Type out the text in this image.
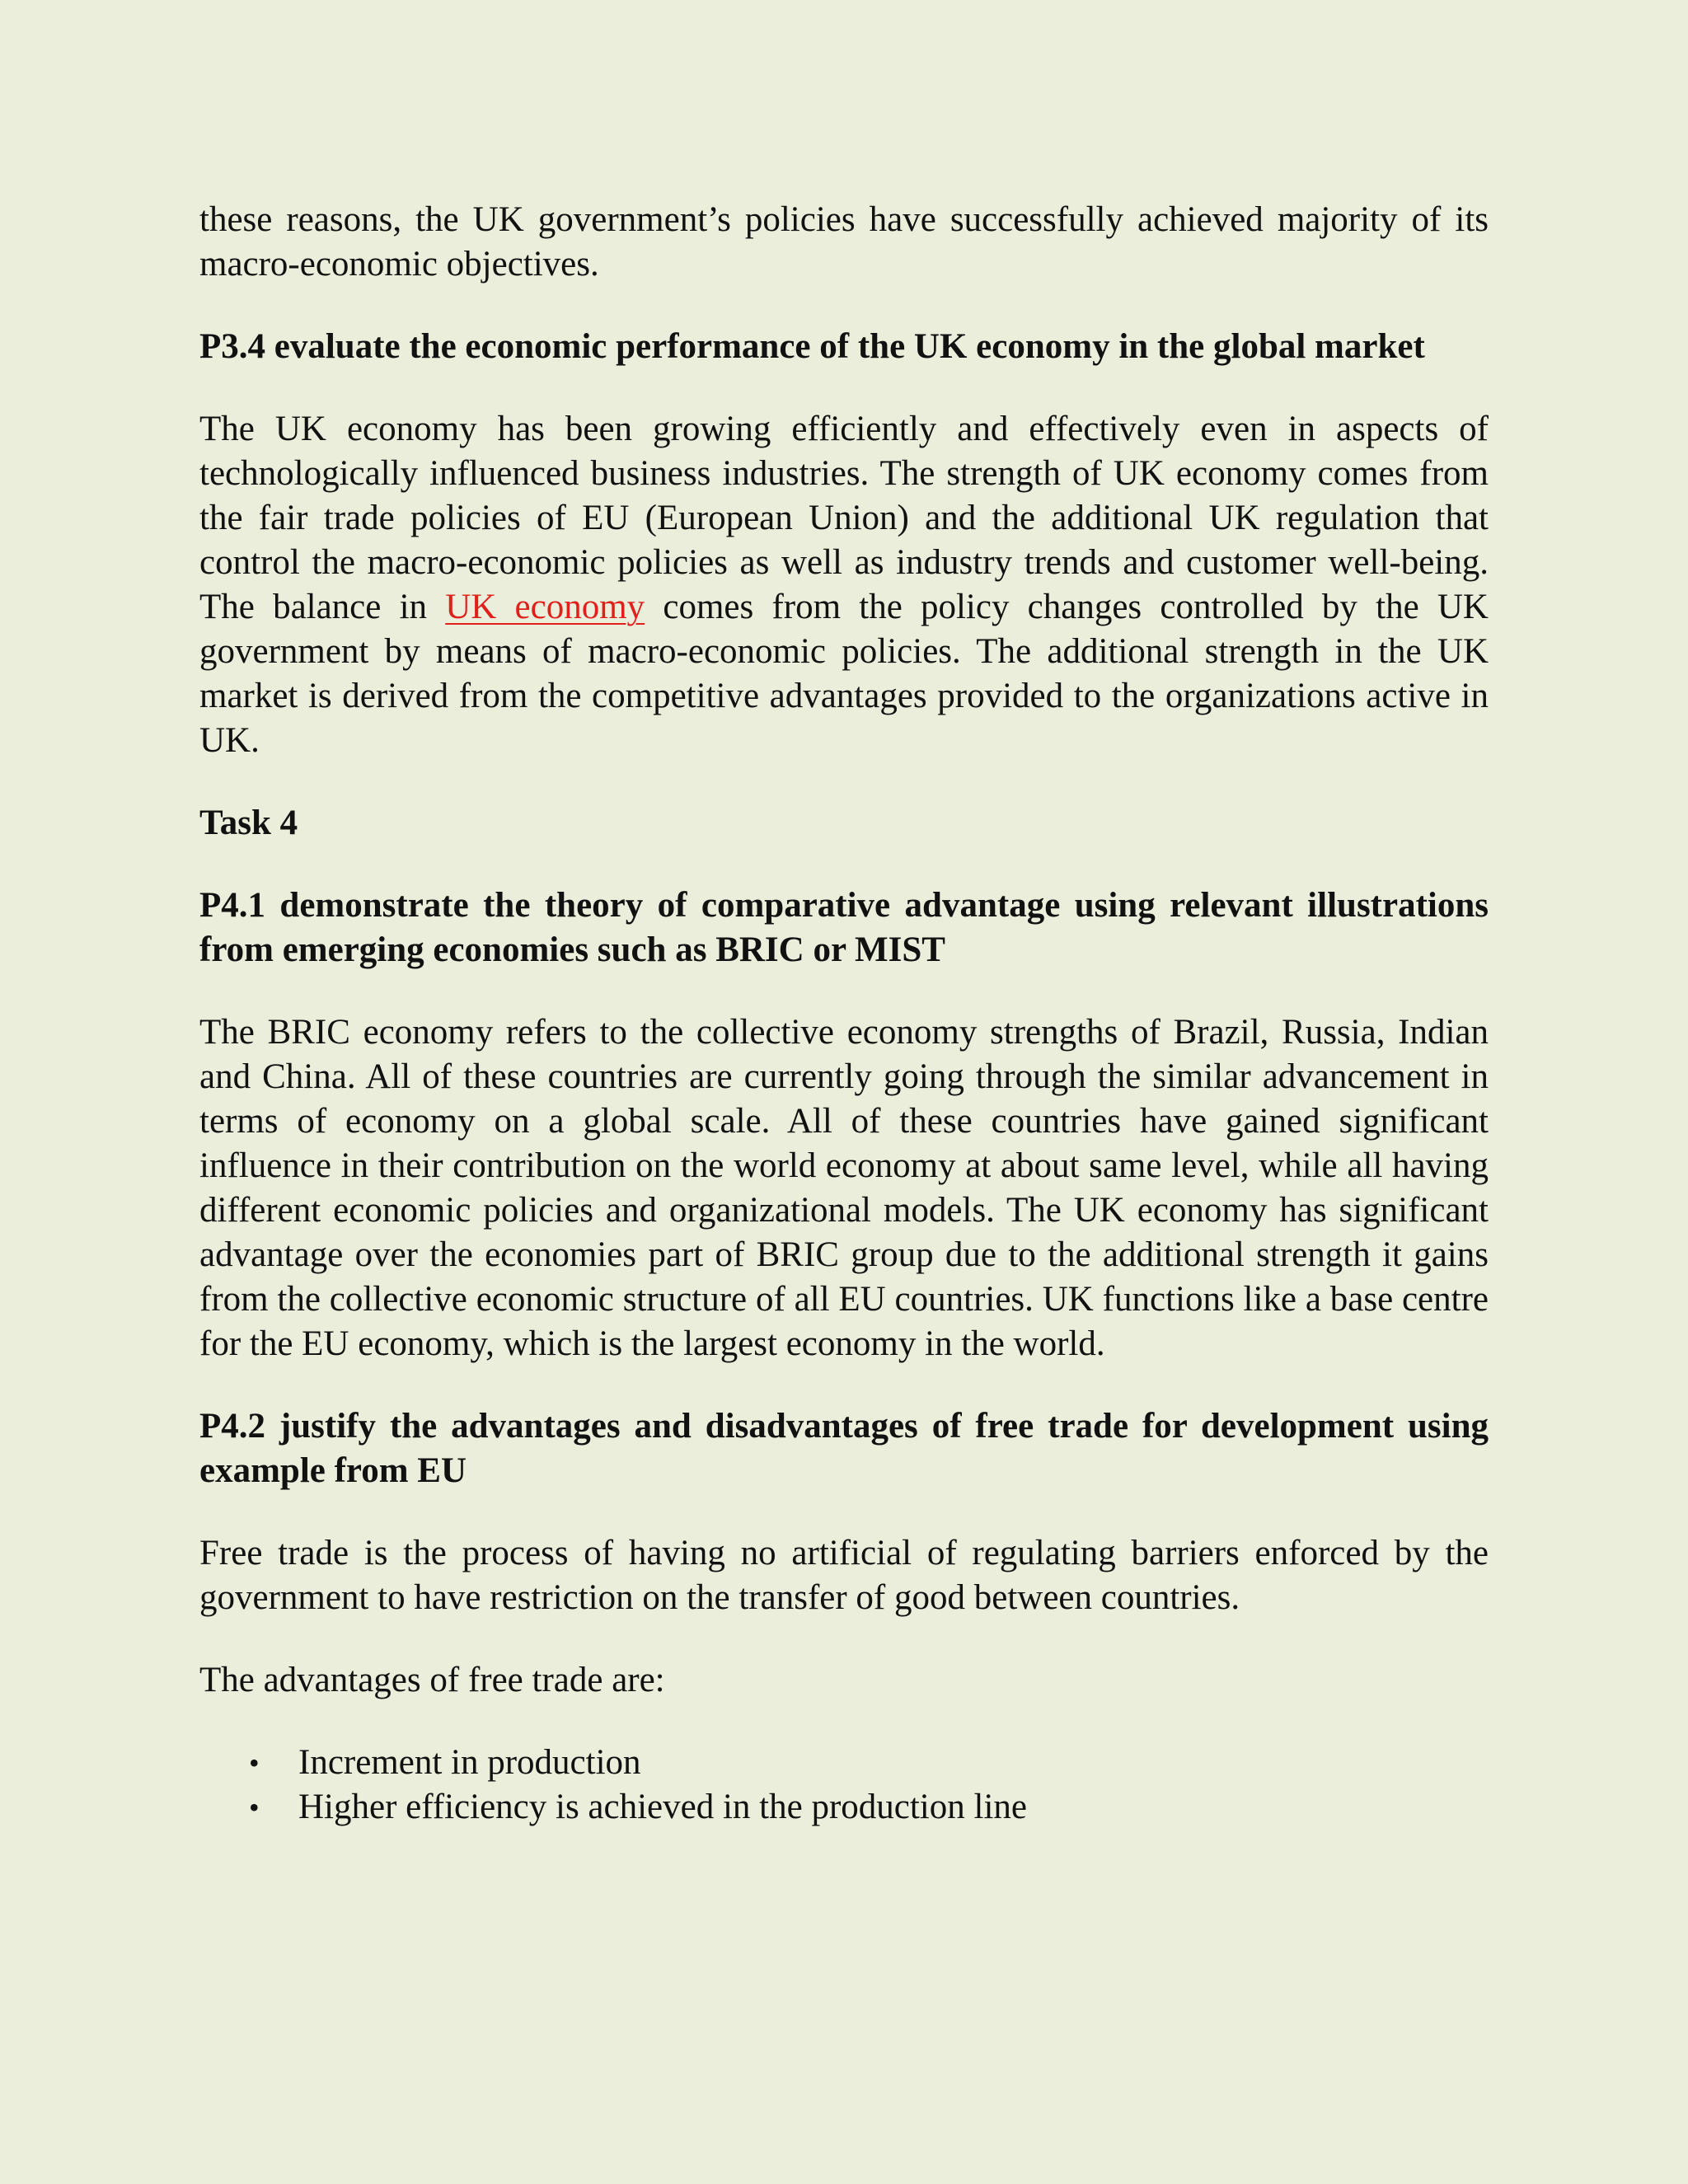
these reasons, the UK government’s policies have successfully achieved majority of its macro-economic objectives.

P3.4 evaluate the economic performance of the UK economy in the global market

The UK economy has been growing efficiently and effectively even in aspects of technologically influenced business industries. The strength of UK economy comes from the fair trade policies of EU (European Union) and the additional UK regulation that control the macro-economic policies as well as industry trends and customer well-being. The balance in UK economy comes from the policy changes controlled by the UK government by means of macro-economic policies. The additional strength in the UK market is derived from the competitive advantages provided to the organizations active in UK.

Task 4
P4.1 demonstrate the theory of comparative advantage using relevant illustrations from emerging economies such as BRIC or MIST

The BRIC economy refers to the collective economy strengths of Brazil, Russia, Indian and China. All of these countries are currently going through the similar advancement in terms of economy on a global scale. All of these countries have gained significant influence in their contribution on the world economy at about same level, while all having different economic policies and organizational models. The UK economy has significant advantage over the economies part of BRIC group due to the additional strength it gains from the collective economic structure of all EU countries. UK functions like a base centre for the EU economy, which is the largest economy in the world.

P4.2 justify the advantages and disadvantages of free trade for development using example from EU

Free trade is the process of having no artificial of regulating barriers enforced by the government to have restriction on the transfer of good between countries.

The advantages of free trade are:

• Increment in production
• Higher efficiency is achieved in the production line
